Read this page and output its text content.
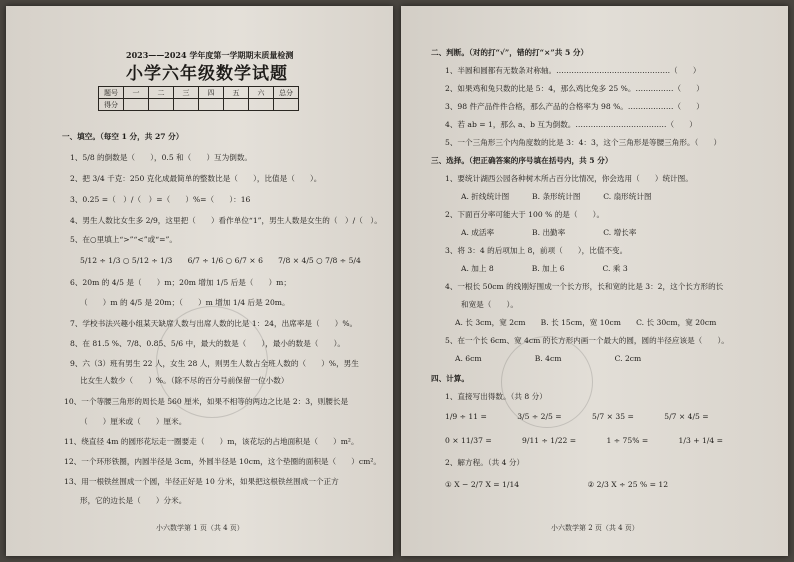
2023——2024 学年度第一学期期末质量检测
小学六年级数学试题
题号	一	二	三	四	五	六	总分
得分							
一、填空。（每空 1 分，共 27 分）
1、5/8 的倒数是（　　），0.5 和（　　）互为倒数。
2、把 3/4 千克：250 克化成最简单的整数比是（　　），比值是（　　）。
3、0.25 =（　）/（　）=（　　）%=（　　）：16
4、男生人数比女生多 2/9，这里把（　　）看作单位“1”，男生人数是女生的（　）/（　）。
5、在○里填上“>”“<”或“=”。
5/12 ÷ 1/3 ○ 5/12 ÷ 1/3　　6/7 ÷ 1/6 ○ 6/7 × 6　　7/8 × 4/5 ○ 7/8 ÷ 5/4
6、20m 的 4/5 是（　　）m；20m 增加 1/5 后是（　　）m；
（　　）m 的 4/5 是 20m；（　　）m 增加 1/4 后是 20m。
7、学校书法兴趣小组某天缺席人数与出席人数的比是 1：24，出席率是（　　）%。
8、在 81.5 %、7/8、0.85、5/6 中，最大的数是（　　），最小的数是（　　）。
9、六（3）班有男生 22 人，女生 28 人，则男生人数占全班人数的（　　）%，男生
比女生人数少（　　）%。（除不尽的百分号前保留一位小数）
10、一个等腰三角形的周长是 560 厘米，如果不相等的两边之比是 2：3，则腰长是
（　　）厘米或（　　）厘米。
11、绕直径 4m 的圆形花坛走一圈要走（　　）m，该花坛的占地面积是（　　）m²。
12、一个环形铁圈，内圆半径是 3cm，外圆半径是 10cm，这个垫圈的面积是（　　）cm²。
13、用一根铁丝围成一个圆，半径正好是 10 分米，如果把这根铁丝围成一个正方
形，它的边长是（　　）分米。
小六数学第 1 页（共 4 页）
二、判断。（对的打“√”，错的打“×”共 5 分）
1、半圆和圆都有无数条对称轴。………………………………………（　　）
2、如果鸡和兔只数的比是 5：4，那么鸡比兔多 25 %。……………（　　）
3、98 件产品件件合格，那么产品的合格率为 98 %。………………（　　）
4、若 ab = 1，那么 a、b 互为倒数。………………………………（　　）
5、一个三角形三个内角度数的比是 3：4：3，这个三角形是等腰三角形。（　　）
三、选择。（把正确答案的序号填在括号内，共 5 分）
1、要统计湖西公园各种树木所占百分比情况，你会选用（　　）统计图。
A. 折线统计图　　　B. 条形统计图　　　C. 扇形统计图
2、下面百分率可能大于 100 % 的是（　　）。
A. 成活率　　　　　B. 出勤率　　　　　C. 增长率
3、将 3：4 的后项加上 8，前项（　　），比值不变。
A. 加上 8　　　　　B. 加上 6　　　　　C. 乘 3
4、一根长 50cm 的线刚好围成一个长方形，长和宽的比是 3：2，这个长方形的长
和宽是（　　）。
A. 长 3cm，宽 2cm　　B. 长 15cm，宽 10cm　　C. 长 30cm，宽 20cm
5、在一个长 6cm、宽 4cm 的长方形内画一个最大的圆，圆的半径应该是（　　）。
A. 6cm　　　　　　　B. 4cm　　　　　　　C. 2cm
四、计算。
1、直接写出得数。（共 8 分）
1/9 ÷ 11 =　　　　3/5 ÷ 2/5 =　　　　5/7 × 35 =　　　　5/7 × 4/5 =
0 × 11/37 =　　　　9/11 ÷ 1/22 =　　　　1 ÷ 75% =　　　　1/3 + 1/4 =
2、解方程。（共 4 分）
① X − 2/7 X = 1/14　　　　　　　　　② 2/3 X ÷ 25 % = 12
小六数学第 2 页（共 4 页）
